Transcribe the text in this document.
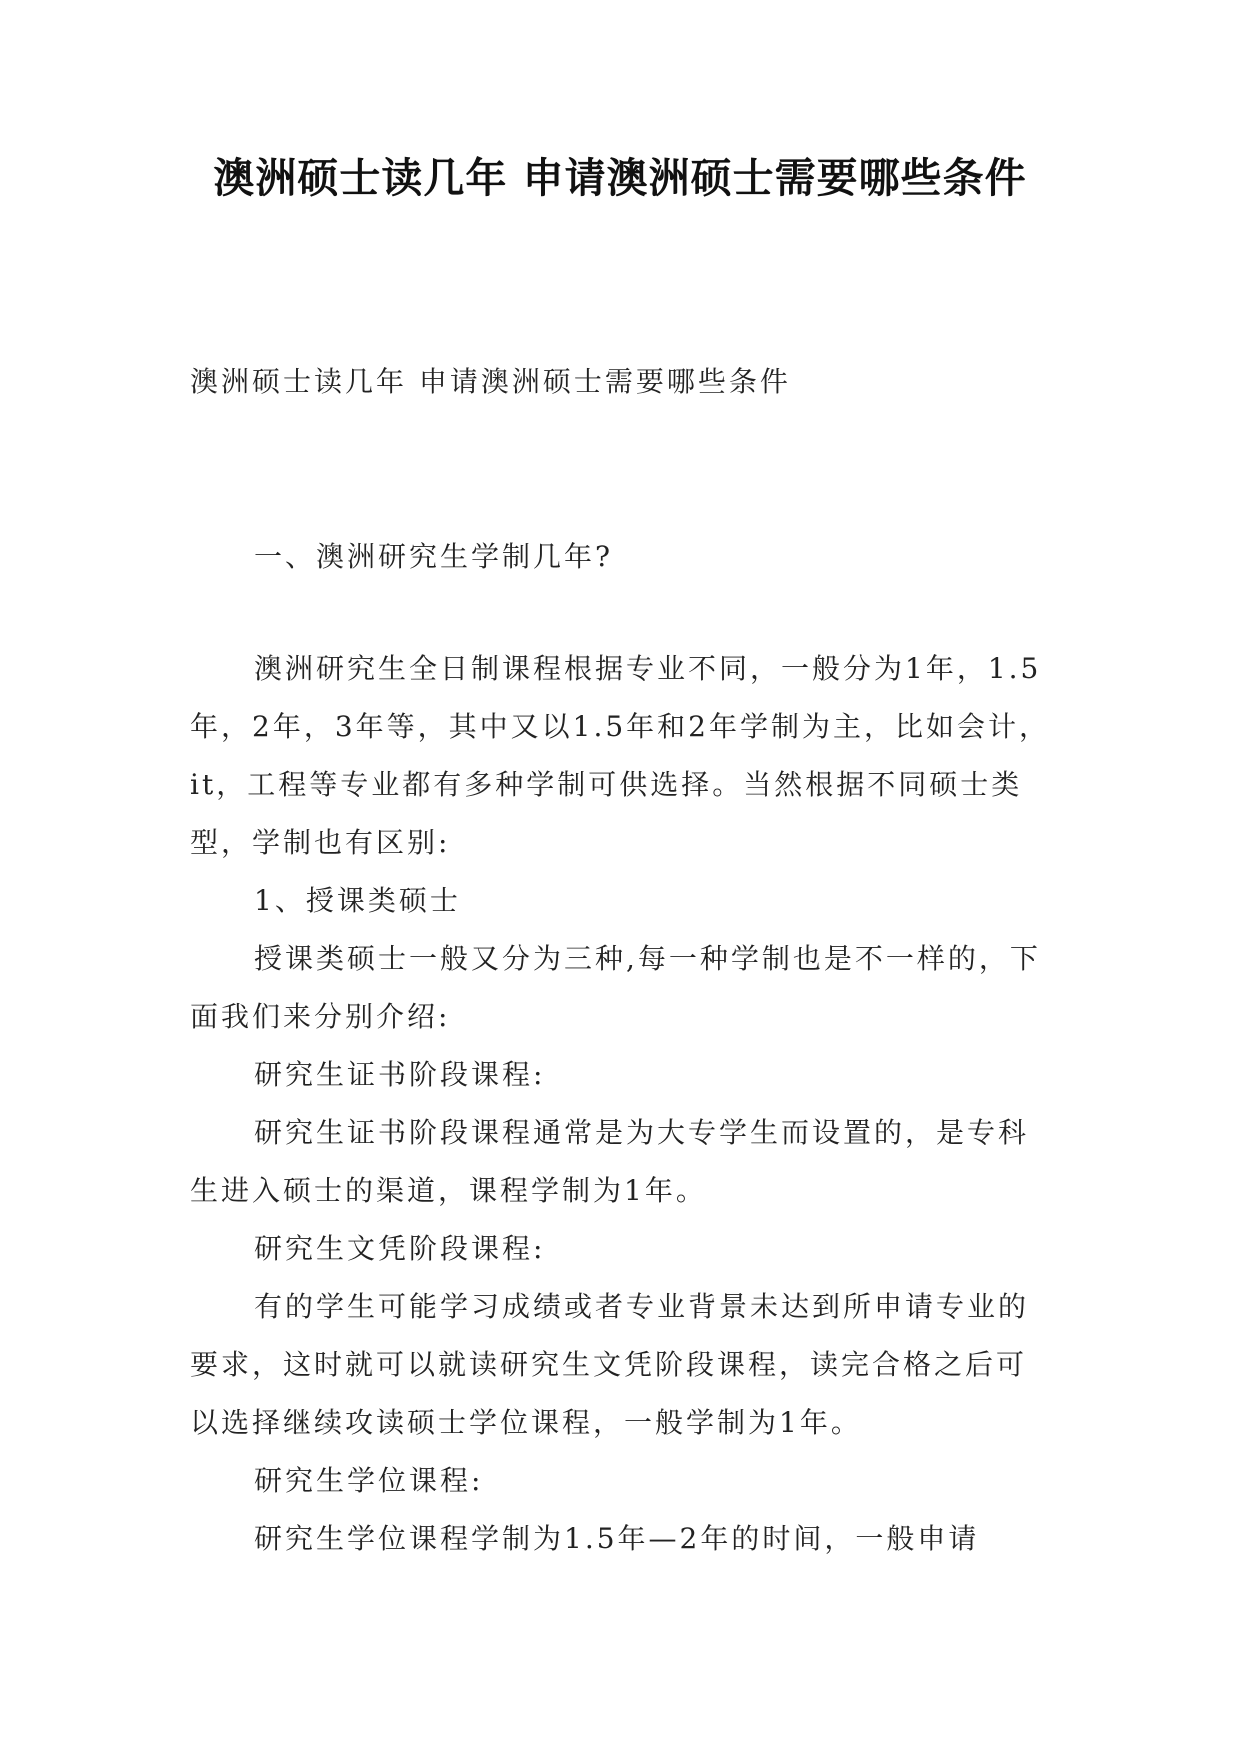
澳洲硕士读几年 申请澳洲硕士需要哪些条件

澳洲硕士读几年 申请澳洲硕士需要哪些条件

一、澳洲研究生学制几年?

澳洲研究生全日制课程根据专业不同，一般分为1年，1.5年，2年，3年等，其中又以1.5年和2年学制为主，比如会计，it，工程等专业都有多种学制可供选择。当然根据不同硕士类型，学制也有区别:

1、授课类硕士

授课类硕士一般又分为三种,每一种学制也是不一样的，下面我们来分别介绍:

研究生证书阶段课程:

研究生证书阶段课程通常是为大专学生而设置的，是专科生进入硕士的渠道，课程学制为1年。

研究生文凭阶段课程:

有的学生可能学习成绩或者专业背景未达到所申请专业的要求，这时就可以就读研究生文凭阶段课程，读完合格之后可以选择继续攻读硕士学位课程，一般学制为1年。

研究生学位课程:

研究生学位课程学制为1.5年—2年的时间，一般申请
